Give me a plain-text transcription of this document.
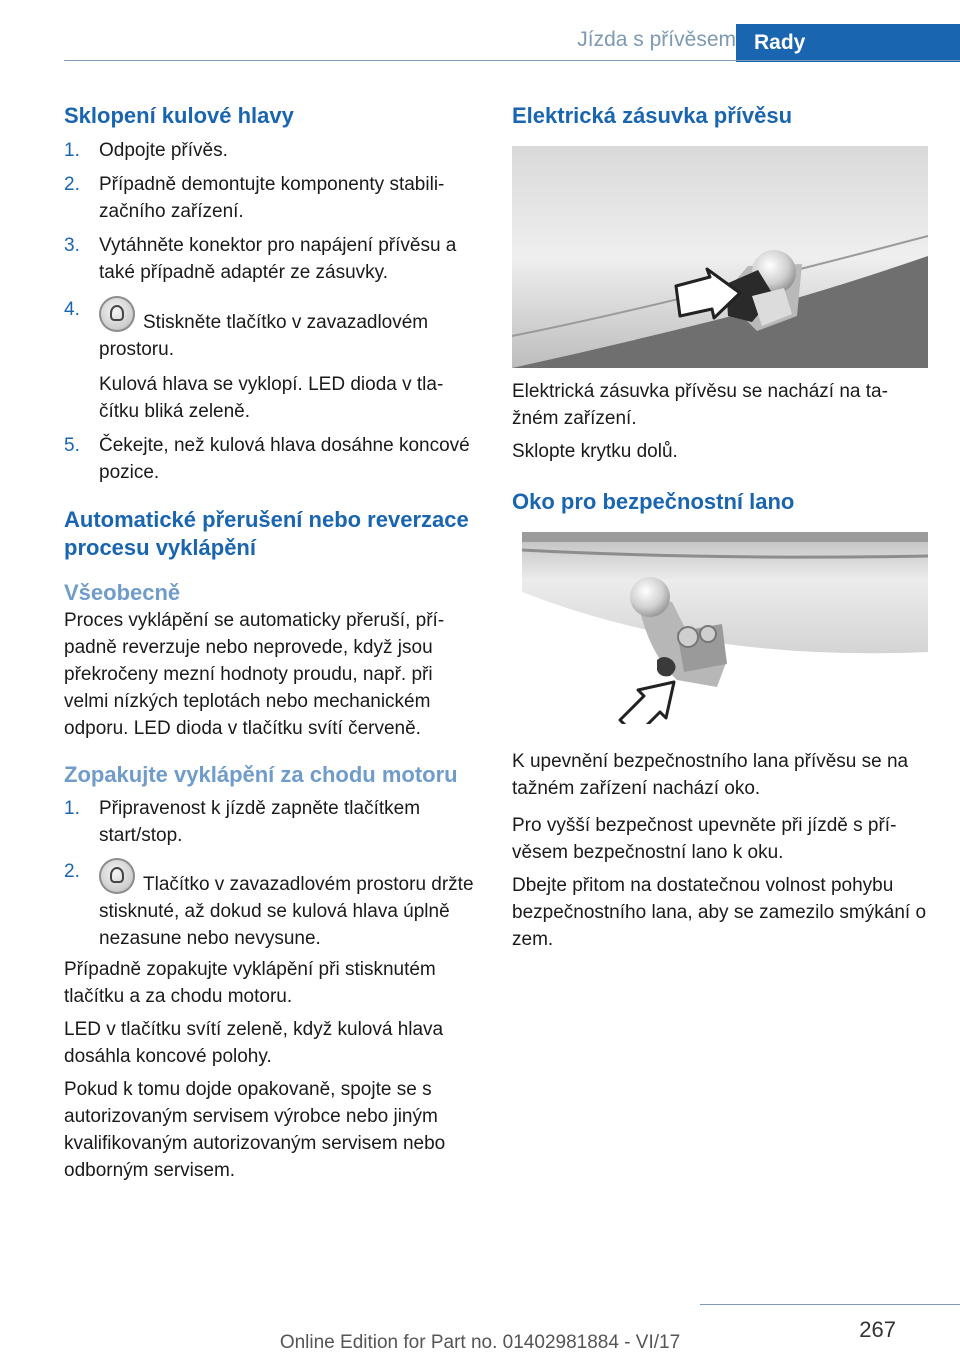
Jízda s přívěsem Rady
Sklopení kulové hlavy
1. Odpojte přívěs.
2. Případně demontujte komponenty stabilizačního zařízení.
3. Vytáhněte konektor pro napájení přívěsu a také případně adaptér ze zásuvky.
4.
Stiskněte tlačítko v zavazadlovém prostoru.
Kulová hlava se vyklopí. LED dioda v tlačítku bliká zeleně.
5. Čekejte, než kulová hlava dosáhne koncové pozice.
Automatické přerušení nebo reverzace procesu vyklápění
Všeobecně

Proces vyklápění se automaticky přeruší, případně reverzuje nebo neprovede, když jsou překročeny mezní hodnoty proudu, např. při velmi nízkých teplotách nebo mechanickém odporu. LED dioda v tlačítku svítí červeně.

Zopakujte vyklápění za chodu motoru
1. Připravenost k jízdě zapněte tlačítkem start/stop.
2.
Tlačítko v zavazadlovém prostoru držte stisknuté, až dokud se kulová hlava úplně nezasune nebo nevysune.

Případně zopakujte vyklápění při stisknutém tlačítku a za chodu motoru.

LED v tlačítku svítí zeleně, když kulová hlava dosáhla koncové polohy.

Pokud k tomu dojde opakovaně, spojte se s autorizovaným servisem výrobce nebo jiným kvalifikovaným autorizovaným servisem nebo odborným servisem.

Elektrická zásuvka přívěsu

Elektrická zásuvka přívěsu se nachází na tažném zařízení.

Sklopte krytku dolů.

Oko pro bezpečnostní lano

K upevnění bezpečnostního lana přívěsu se na tažném zařízení nachází oko.

Pro vyšší bezpečnost upevněte při jízdě s přívěsem bezpečnostní lano k oku.

Dbejte přitom na dostatečnou volnost pohybu bezpečnostního lana, aby se zamezilo smýkání o zem.

267
Online Edition for Part no. 01402981884 - VI/17
